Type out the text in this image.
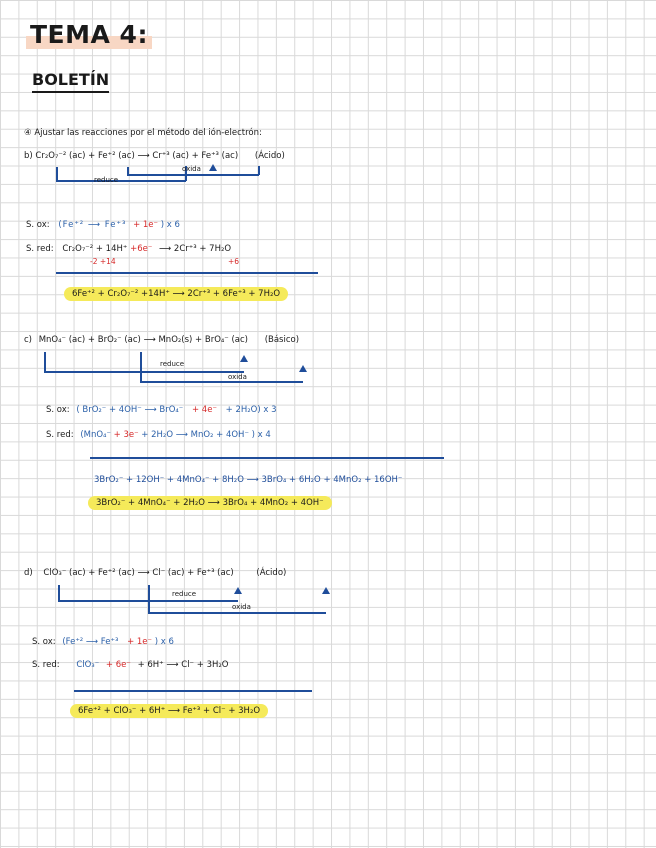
TEMA 4:
BOLETÍN
④ Ajustar las reacciones por el método del ión-electrón:
b) Cr₂O₇⁻² (ac) + Fe⁺² (ac) ⟶ Cr⁺³ (ac) + Fe⁺³ (ac) (Ácido)
reduce
oxida
S. ox: (Fe⁺² ⟶ Fe⁺³ + 1e⁻ ) x 6
S. red: Cr₂O₇⁻² + 14H⁺ +6e⁻ ⟶ 2Cr⁺³ + 7H₂O
-2 +14	+6
6Fe⁺² + Cr₂O₇⁻² +14H⁺ ⟶ 2Cr⁺³ + 6Fe⁺³ + 7H₂O
c) MnO₄⁻ (ac) + BrO₂⁻ (ac) ⟶ MnO₂(s) + BrO₄⁻ (ac) (Básico)
reduce
oxida
S. ox: ( BrO₂⁻ + 4OH⁻ ⟶ BrO₄⁻ + 4e⁻ + 2H₂O) x 3
S. red: (MnO₄⁻ + 3e⁻ + 2H₂O ⟶ MnO₂ + 4OH⁻ ) x 4
3BrO₂⁻ + 12OH⁻ + 4MnO₄⁻ + 8H₂O ⟶ 3BrO₄ + 6H₂O + 4MnO₂ + 16OH⁻
3BrO₂⁻ + 4MnO₄⁻ + 2H₂O ⟶ 3BrO₄ + 4MnO₂ + 4OH⁻
d) ClO₃⁻ (ac) + Fe⁺² (ac) ⟶ Cl⁻ (ac) + Fe⁺³ (ac)	(Ácido)
reduce
oxida
S. ox: (Fe⁺² ⟶ Fe⁺³ + 1e⁻ ) x 6
S. red: ClO₃⁻ + 6e⁻ + 6H⁺ ⟶ Cl⁻ + 3H₂O
6Fe⁺² + ClO₃⁻ + 6H⁺ ⟶ Fe⁺³ + Cl⁻ + 3H₂O
